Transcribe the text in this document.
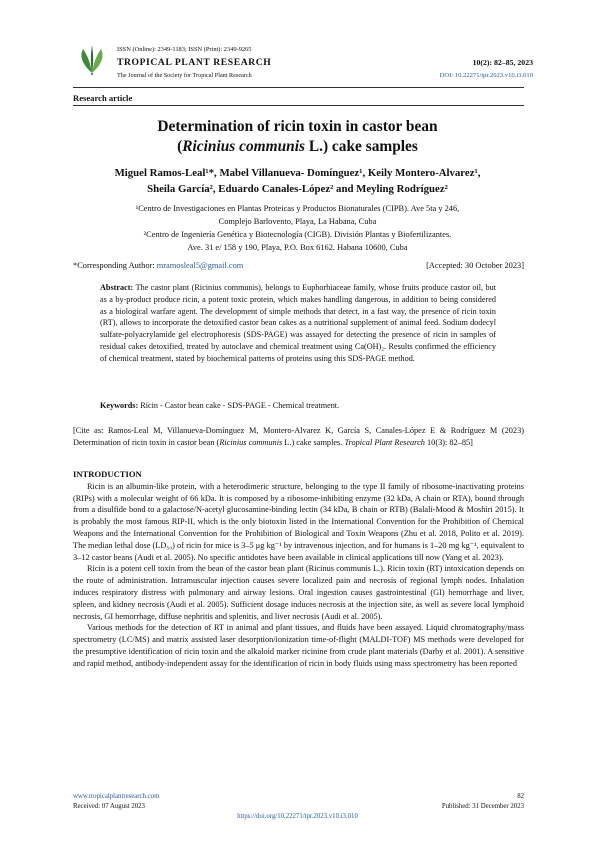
ISSN (Online): 2349-1183; ISSN (Print): 2349-9265
TROPICAL PLANT RESEARCH
The Journal of the Society for Tropical Plant Research
10(2): 82–85, 2023
DOI: 10.22271/tpr.2023.v10.i3.010
Research article
Determination of ricin toxin in castor bean
(Ricinius communis L.) cake samples
Miguel Ramos-Leal¹*, Mabel Villanueva- Domínguez¹, Keily Montero-Alvarez¹,
Sheila García², Eduardo Canales-López² and Meyling Rodríguez²
¹Centro de Investigaciones en Plantas Proteicas y Productos Bionaturales (CIPB). Ave 5ta y 246,
Complejo Barlovento, Playa, La Habana, Cuba
²Centro de Ingeniería Genética y Biotecnología (CIGB). División Plantas y Biofertilizantes.
Ave. 31 e/ 158 y 190, Playa, P.O. Box 6162. Habana 10600, Cuba
*Corresponding Author: mramosleal5@gmail.com	[Accepted: 30 October 2023]
Abstract: The castor plant (Ricinius communis), belongs to Euphorbiaceae family, whose fruits produce castor oil, but as a by-product produce ricin, a potent toxic protein, which makes handling dangerous, in addition to being considered as a biological warfare agent. The development of simple methods that detect, in a fast way, the presence of ricin toxin (RT), allows to incorporate the detoxified castor bean cakes as a nutritional supplement of animal feed. Sodium dodecyl sulfate-polyacrylamide gel electrophoresis (SDS-PAGE) was assayed for detecting the presence of ricin in samples of residual cakes detoxified, treated by autoclave and chemical treatment using Ca(OH)₂. Results confirmed the efficiency of chemical treatment, stated by biochemical patterns of proteins using this SDS-PAGE method.
Keywords: Ricin - Castor bean cake - SDS-PAGE - Chemical treatment.
[Cite as: Ramos-Leal M, Villanueva-Domínguez M, Montero-Alvarez K, García S, Canales-López E & Rodríguez M (2023) Determination of ricin toxin in castor bean (Ricinius communis L.) cake samples. Tropical Plant Research 10(3): 82–85]
INTRODUCTION

Ricin is an albumin-like protein, with a heterodimeric structure, belonging to the type II family of ribosome-inactivating proteins (RIPs) with a molecular weight of 66 kDa. It is composed by a ribosome-inhibiting enzyme (32 kDa, A chain or RTA), bound through from a disulfide bond to a galactose/N-acetyl glucosamine-binding lectin (34 kDa, B chain or RTB) (Balali-Mood & Moshiri 2015). It is probably the most famous RIP-II, which is the only biotoxin listed in the International Convention for the Prohibition of Chemical Weapons and the International Convention for the Prohibition of Biological and Toxin Weapons (Zhu et al. 2018, Polito et al. 2019). The median lethal dose (LD₅₀) of ricin for mice is 3–5 μg kg⁻¹ by intravenous injection, and for humans is 1–20 mg kg⁻¹, equivalent to 3–12 castor beans (Audi et al. 2005). No specific antidotes have been available in clinical applications till now (Yang et al. 2023).

Ricin is a potent cell toxin from the bean of the castor bean plant (Ricinus communis L.). Ricin toxin (RT) intoxication depends on the route of administration. Intramuscular injection causes severe localized pain and necrosis of regional lymph nodes. Inhalation induces respiratory distress with pulmonary and airway lesions. Oral ingestion causes gastrointestinal (GI) hemorrhage and liver, spleen, and kidney necrosis (Audi et al. 2005). Sufficient dosage induces necrosis at the injection site, as well as severe local lymphoid necrosis, GI hemorrhage, diffuse nephritis and splenitis, and liver necrosis (Audi et al. 2005).

Various methods for the detection of RT in animal and plant tissues, and fluids have been assayed. Liquid chromatography/mass spectrometry (LC/MS) and matrix assisted laser desorption/ionization time-of-flight (MALDI-TOF) MS methods were developed for the presumptive identification of ricin toxin and the alkaloid marker ricinine from crude plant materials (Darby et al. 2001). A sensitive and rapid method, antibody-independent assay for the identification of ricin in body fluids using mass spectrometry has been reported

www.tropicalplantresearch.com	82
Received: 07 August 2023	Published: 31 December 2023
https://doi.org/10.22271/tpr.2023.v10.i3.010
